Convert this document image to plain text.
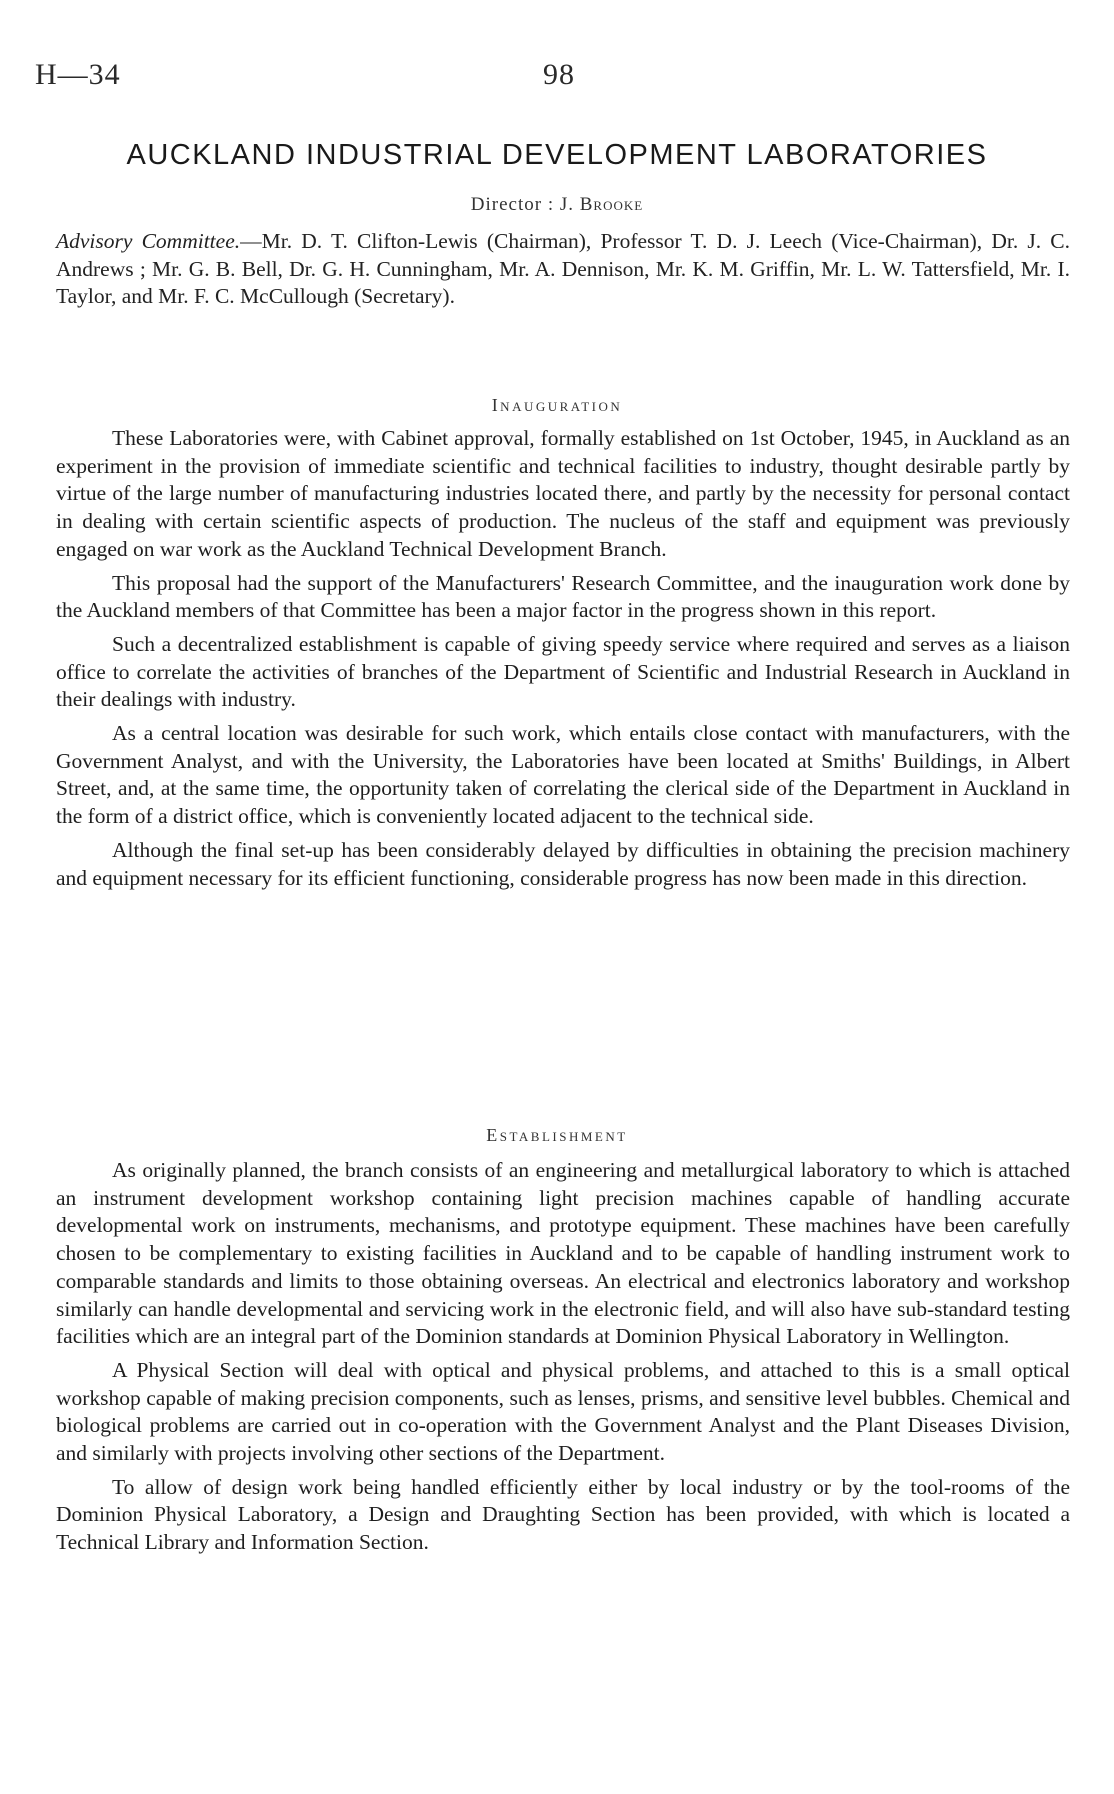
H—34	98
AUCKLAND INDUSTRIAL DEVELOPMENT LABORATORIES
Director : J. Brooke
Advisory Committee.—Mr. D. T. Clifton-Lewis (Chairman), Professor T. D. J. Leech (Vice-Chairman), Dr. J. C. Andrews ; Mr. G. B. Bell, Dr. G. H. Cunningham, Mr. A. Dennison, Mr. K. M. Griffin, Mr. L. W. Tattersfield, Mr. I. Taylor, and Mr. F. C. McCullough (Secretary).
Inauguration

These Laboratories were, with Cabinet approval, formally established on 1st October, 1945, in Auckland as an experiment in the provision of immediate scientific and technical facilities to industry, thought desirable partly by virtue of the large number of manufacturing industries located there, and partly by the necessity for personal contact in dealing with certain scientific aspects of production. The nucleus of the staff and equipment was previously engaged on war work as the Auckland Technical Development Branch.

This proposal had the support of the Manufacturers' Research Committee, and the inauguration work done by the Auckland members of that Committee has been a major factor in the progress shown in this report.

Such a decentralized establishment is capable of giving speedy service where required and serves as a liaison office to correlate the activities of branches of the Department of Scientific and Industrial Research in Auckland in their dealings with industry.

As a central location was desirable for such work, which entails close contact with manufacturers, with the Government Analyst, and with the University, the Laboratories have been located at Smiths' Buildings, in Albert Street, and, at the same time, the opportunity taken of correlating the clerical side of the Department in Auckland in the form of a district office, which is conveniently located adjacent to the technical side.

Although the final set-up has been considerably delayed by difficulties in obtaining the precision machinery and equipment necessary for its efficient functioning, considerable progress has now been made in this direction.

Establishment

As originally planned, the branch consists of an engineering and metallurgical laboratory to which is attached an instrument development workshop containing light precision machines capable of handling accurate developmental work on instruments, mechanisms, and prototype equipment. These machines have been carefully chosen to be complementary to existing facilities in Auckland and to be capable of handling instrument work to comparable standards and limits to those obtaining overseas. An electrical and electronics laboratory and workshop similarly can handle developmental and servicing work in the electronic field, and will also have sub-standard testing facilities which are an integral part of the Dominion standards at Dominion Physical Laboratory in Wellington.

A Physical Section will deal with optical and physical problems, and attached to this is a small optical workshop capable of making precision components, such as lenses, prisms, and sensitive level bubbles. Chemical and biological problems are carried out in co-operation with the Government Analyst and the Plant Diseases Division, and similarly with projects involving other sections of the Department.

To allow of design work being handled efficiently either by local industry or by the tool-rooms of the Dominion Physical Laboratory, a Design and Draughting Section has been provided, with which is located a Technical Library and Information Section.
